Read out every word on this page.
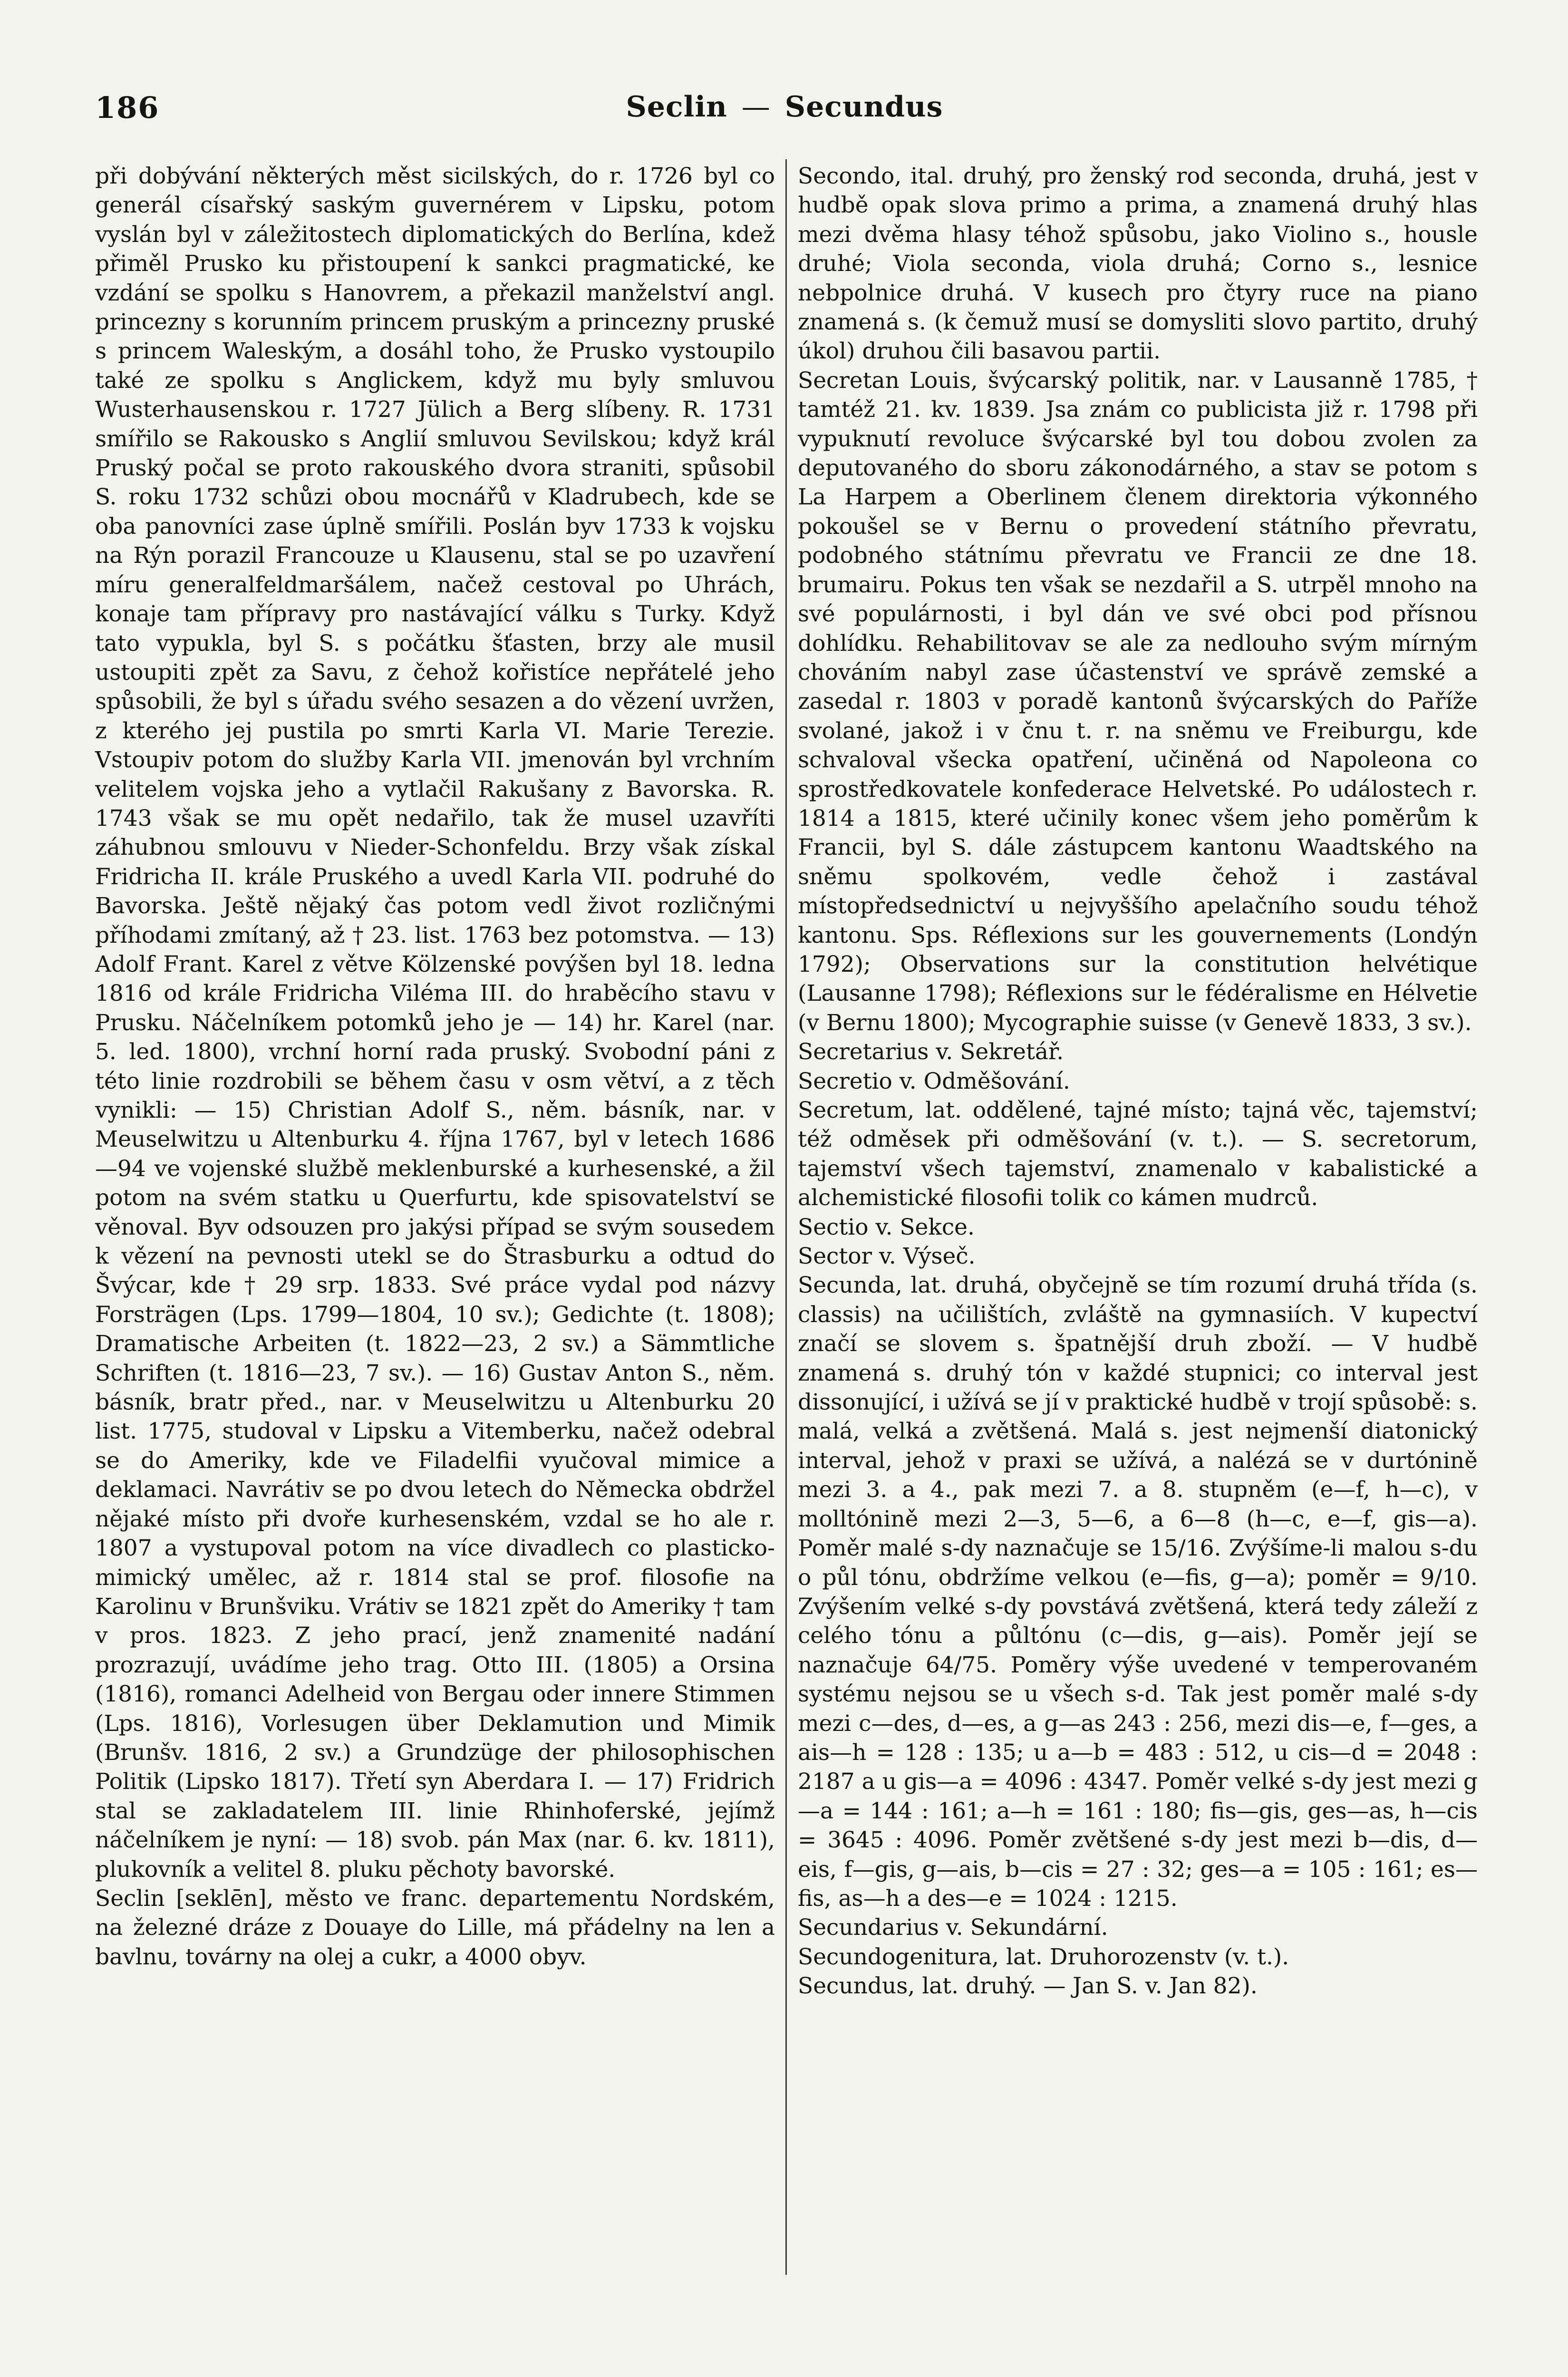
186	Seclin — Secundus

při dobývání některých měst sicilských, do r. 1726 byl co generál císařský saským guvernérem v Lipsku, potom vyslán byl v záležitostech diplomatických do Berlína, kdež přiměl Prusko ku přistoupení k sankci pragmatické, ke vzdání se spolku s Hanovrem, a překazil manželství angl. princezny s korunním princem pruským a princezny pruské s princem Waleským, a dosáhl toho, že Prusko vystoupilo také ze spolku s Anglickem, když mu byly smluvou Wusterhausenskou r. 1727 Jülich a Berg slíbeny. R. 1731 smířilo se Rakousko s Anglií smluvou Sevilskou; když král Pruský počal se proto rakouského dvora straniti, spůsobil S. roku 1732 schůzi obou mocnářů v Kladrubech, kde se oba panovníci zase úplně smířili. Poslán byv 1733 k vojsku na Rýn porazil Francouze u Klausenu, stal se po uzavření míru generalfeldmaršálem, načež cestoval po Uhrách, konaje tam přípravy pro nastávající válku s Turky. Když tato vypukla, byl S. s počátku šťasten, brzy ale musil ustoupiti zpět za Savu, z čehož kořistíce nepřátelé jeho spůsobili, že byl s úřadu svého sesazen a do vězení uvržen, z kterého jej pustila po smrti Karla VI. Marie Terezie. Vstoupiv potom do služby Karla VII. jmenován byl vrchním velitelem vojska jeho a vytlačil Rakušany z Bavorska. R. 1743 však se mu opět nedařilo, tak že musel uzavříti záhubnou smlouvu v Nieder-Schonfeldu. Brzy však získal Fridricha II. krále Pruského a uvedl Karla VII. podruhé do Bavorska. Ještě nějaký čas potom vedl život rozličnými příhodami zmítaný, až † 23. list. 1763 bez potomstva. — 13) Adolf Frant. Karel z větve Kölzenské povýšen byl 18. ledna 1816 od krále Fridricha Viléma III. do hraběcího stavu v Prusku. Náčelníkem potomků jeho je — 14) hr. Karel (nar. 5. led. 1800), vrchní horní rada pruský. Svobodní páni z této linie rozdrobili se během času v osm větví, a z těch vynikli: — 15) Christian Adolf S., něm. básník, nar. v Meuselwitzu u Altenburku 4. října 1767, byl v letech 1686—94 ve vojenské službě meklenburské a kurhesenské, a žil potom na svém statku u Querfurtu, kde spisovatelství se věnoval. Byv odsouzen pro jakýsi případ se svým sousedem k vězení na pevnosti utekl se do Štrasburku a odtud do Švýcar, kde † 29 srp. 1833. Své práce vydal pod názvy Forsträgen (Lps. 1799—1804, 10 sv.); Gedichte (t. 1808); Dramatische Arbeiten (t. 1822—23, 2 sv.) a Sämmtliche Schriften (t. 1816—23, 7 sv.). — 16) Gustav Anton S., něm. básník, bratr před., nar. v Meuselwitzu u Altenburku 20 list. 1775, studoval v Lipsku a Vitemberku, načež odebral se do Ameriky, kde ve Filadelfii vyučoval mimice a deklamaci. Navrátiv se po dvou letech do Německa obdržel nějaké místo při dvoře kurhesenském, vzdal se ho ale r. 1807 a vystupoval potom na více divadlech co plasticko-mimický umělec, až r. 1814 stal se prof. filosofie na Karolinu v Brunšviku. Vrátiv se 1821 zpět do Ameriky † tam v pros. 1823. Z jeho prací, jenž znamenité nadání prozrazují, uvádíme jeho trag. Otto III. (1805) a Orsina (1816), romanci Adelheid von Bergau oder innere Stimmen (Lps. 1816), Vorlesugen über Deklamution und Mimik (Brunšv. 1816, 2 sv.) a Grundzüge der philosophischen Politik (Lipsko 1817). Třetí syn Aberdara I. — 17) Fridrich stal se zakladatelem III. linie Rhinhoferské, jejímž náčelníkem je nyní: — 18) svob. pán Max (nar. 6. kv. 1811), plukovník a velitel 8. pluku pěchoty bavorské.

Seclin [seklēn], město ve franc. departementu Nordském, na železné dráze z Douaye do Lille, má přádelny na len a bavlnu, továrny na olej a cukr, a 4000 obyv.

Secondo, ital. druhý, pro ženský rod seconda, druhá, jest v hudbě opak slova primo a prima, a znamená druhý hlas mezi dvěma hlasy téhož spůsobu, jako Violino s., housle druhé; Viola seconda, viola druhá; Corno s., lesnice nebpolnice druhá. V kusech pro čtyry ruce na piano znamená s. (k čemuž musí se domysliti slovo partito, druhý úkol) druhou čili basavou partii.

Secretan Louis, švýcarský politik, nar. v Lausanně 1785, † tamtéž 21. kv. 1839. Jsa znám co publicista již r. 1798 při vypuknutí revoluce švýcarské byl tou dobou zvolen za deputovaného do sboru zákonodárného, a stav se potom s La Harpem a Oberlinem členem direktoria výkonného pokoušel se v Bernu o provedení státního převratu, podobného státnímu převratu ve Francii ze dne 18. brumairu. Pokus ten však se nezdařil a S. utrpěl mnoho na své populárnosti, i byl dán ve své obci pod přísnou dohlídku. Rehabilitovav se ale za nedlouho svým mírným chováním nabyl zase účastenství ve správě zemské a zasedal r. 1803 v poradě kantonů švýcarských do Paříže svolané, jakož i v čnu t. r. na sněmu ve Freiburgu, kde schvaloval všecka opatření, učiněná od Napoleona co sprostředkovatele konfederace Helvetské. Po událostech r. 1814 a 1815, které učinily konec všem jeho poměrům k Francii, byl S. dále zástupcem kantonu Waadtského na sněmu spolkovém, vedle čehož i zastával místopředsednictví u nejvyššího apelačního soudu téhož kantonu. Sps. Réflexions sur les gouvernements (Londýn 1792); Observations sur la constitution helvétique (Lausanne 1798); Réflexions sur le fédéralisme en Hélvetie (v Bernu 1800); Mycographie suisse (v Genevě 1833, 3 sv.).

Secretarius v. Sekretář.

Secretio v. Odměšování.

Secretum, lat. oddělené, tajné místo; tajná věc, tajemství; též odměsek při odměšování (v. t.). — S. secretorum, tajemství všech tajemství, znamenalo v kabalistické a alchemistické filosofii tolik co kámen mudrců.

Sectio v. Sekce.

Sector v. Výseč.

Secunda, lat. druhá, obyčejně se tím rozumí druhá třída (s. classis) na učilištích, zvláště na gymnasiích. V kupectví značí se slovem s. špatnější druh zboží. — V hudbě znamená s. druhý tón v každé stupnici; co interval jest dissonující, i užívá se jí v praktické hudbě v trojí spůsobě: s. malá, velká a zvětšená. Malá s. jest nejmenší diatonický interval, jehož v praxi se užívá, a nalézá se v durtónině mezi 3. a 4., pak mezi 7. a 8. stupněm (e—f, h—c), v molltónině mezi 2—3, 5—6, a 6—8 (h—c, e—f, gis—a). Poměr malé s-dy naznačuje se 15/16. Zvýšíme-li malou s-du o půl tónu, obdržíme velkou (e—fis, g—a); poměr = 9/10. Zvýšením velké s-dy povstává zvětšená, která tedy záleží z celého tónu a půltónu (c—dis, g—ais). Poměr její se naznačuje 64/75. Poměry výše uvedené v temperovaném systému nejsou se u všech s-d. Tak jest poměr malé s-dy mezi c—des, d—es, a g—as 243 : 256, mezi dis—e, f—ges, a ais—h = 128 : 135; u a—b = 483 : 512, u cis—d = 2048 : 2187 a u gis—a = 4096 : 4347. Poměr velké s-dy jest mezi g—a = 144 : 161; a—h = 161 : 180; fis—gis, ges—as, h—cis = 3645 : 4096. Poměr zvětšené s-dy jest mezi b—dis, d—eis, f—gis, g—ais, b—cis = 27 : 32; ges—a = 105 : 161; es—fis, as—h a des—e = 1024 : 1215.

Secundarius v. Sekundární.

Secundogenitura, lat. Druhorozenstv (v. t.).

Secundus, lat. druhý. — Jan S. v. Jan 82).
